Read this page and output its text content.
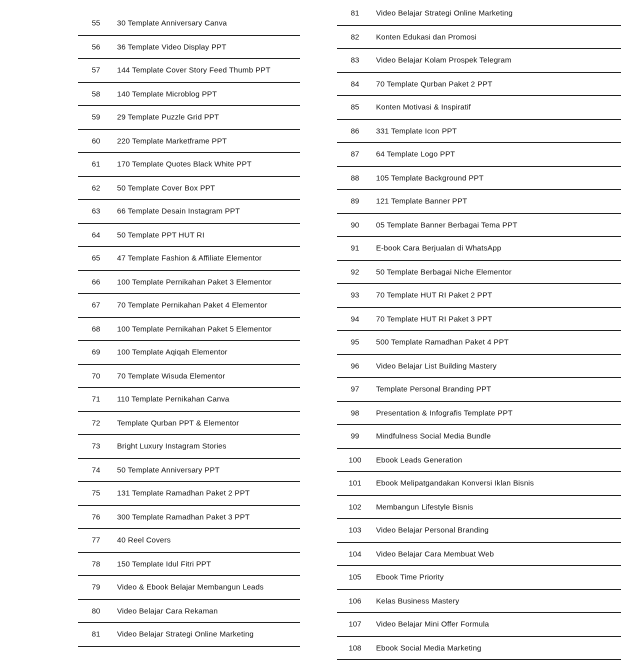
55	30 Template Anniversary Canva
56	36 Template Video Display PPT
57	144 Template Cover Story Feed Thumb PPT
58	140 Template Microblog PPT
59	29 Template Puzzle Grid PPT
60	220 Template Marketframe PPT
61	170 Template Quotes Black White PPT
62	50 Template Cover Box PPT
63	66 Template Desain Instagram PPT
64	50 Template PPT HUT RI
65	47 Template Fashion & Affiliate Elementor
66	100 Template Pernikahan Paket 3 Elementor
67	70 Template Pernikahan Paket 4 Elementor
68	100 Template Pernikahan Paket 5 Elementor
69	100 Template Aqiqah Elementor
70	70 Template Wisuda Elementor
71	110 Template Pernikahan Canva
72	Template Qurban PPT & Elementor
73	Bright Luxury Instagram Stories
74	50 Template Anniversary PPT
75	131 Template Ramadhan Paket 2 PPT
76	300 Template Ramadhan Paket 3 PPT
77	40 Reel Covers
78	150 Template Idul Fitri PPT
79	Video & Ebook Belajar Membangun Leads
80	Video Belajar Cara Rekaman
81	Video Belajar Strategi Online Marketing
81	Video Belajar Strategi Online Marketing
82	Konten Edukasi dan Promosi
83	Video Belajar Kolam Prospek Telegram
84	70 Template Qurban Paket 2 PPT
85	Konten Motivasi & Inspiratif
86	331 Template Icon PPT
87	64 Template Logo PPT
88	105 Template Background PPT
89	121 Template Banner PPT
90	05 Template Banner Berbagai Tema PPT
91	E-book Cara Berjualan di WhatsApp
92	50 Template Berbagai Niche Elementor
93	70 Template HUT RI Paket 2 PPT
94	70 Template HUT RI Paket 3 PPT
95	500 Template Ramadhan Paket 4 PPT
96	Video Belajar List Building Mastery
97	Template Personal Branding PPT
98	Presentation & Infografis Template PPT
99	Mindfulness Social Media Bundle
100	Ebook Leads Generation
101	Ebook Melipatgandakan Konversi Iklan Bisnis
102	Membangun Lifestyle Bisnis
103	Video Belajar Personal Branding
104	Video Belajar Cara Membuat Web
105	Ebook Time Priority
106	Kelas Business Mastery
107	Video Belajar Mini Offer Formula
108	Ebook Social Media Marketing
